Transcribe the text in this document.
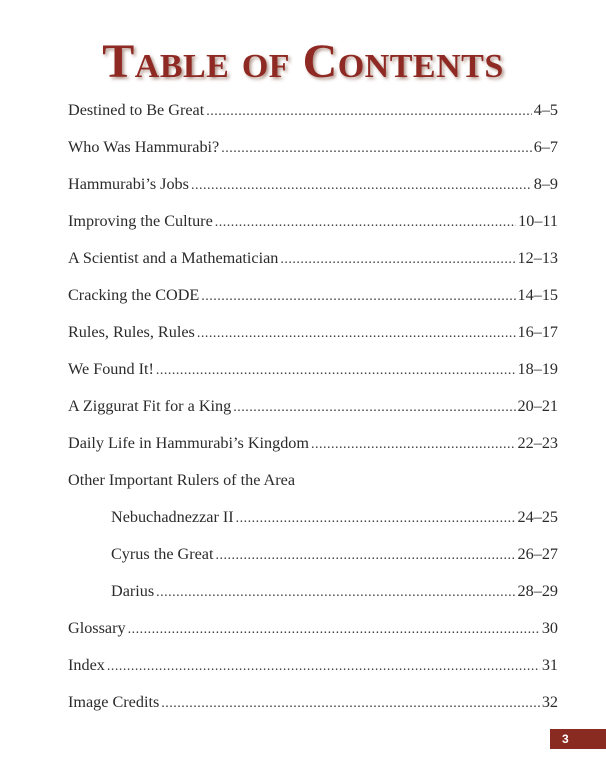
Table of Contents
Destined to Be Great .....	4–5
Who Was Hammurabi? .....	6–7
Hammurabi’s Jobs .....	8–9
Improving the Culture .....	10–11
A Scientist and a Mathematician .....	12–13
Cracking the CODE .....	14–15
Rules, Rules, Rules .....	16–17
We Found It! .....	18–19
A Ziggurat Fit for a King .....	20–21
Daily Life in Hammurabi’s Kingdom .....	22–23
Other Important Rulers of the Area
Nebuchadnezzar II .....	24–25
Cyrus the Great .....	26–27
Darius .....	28–29
Glossary .....	30
Index .....	31
Image Credits .....	32
3
